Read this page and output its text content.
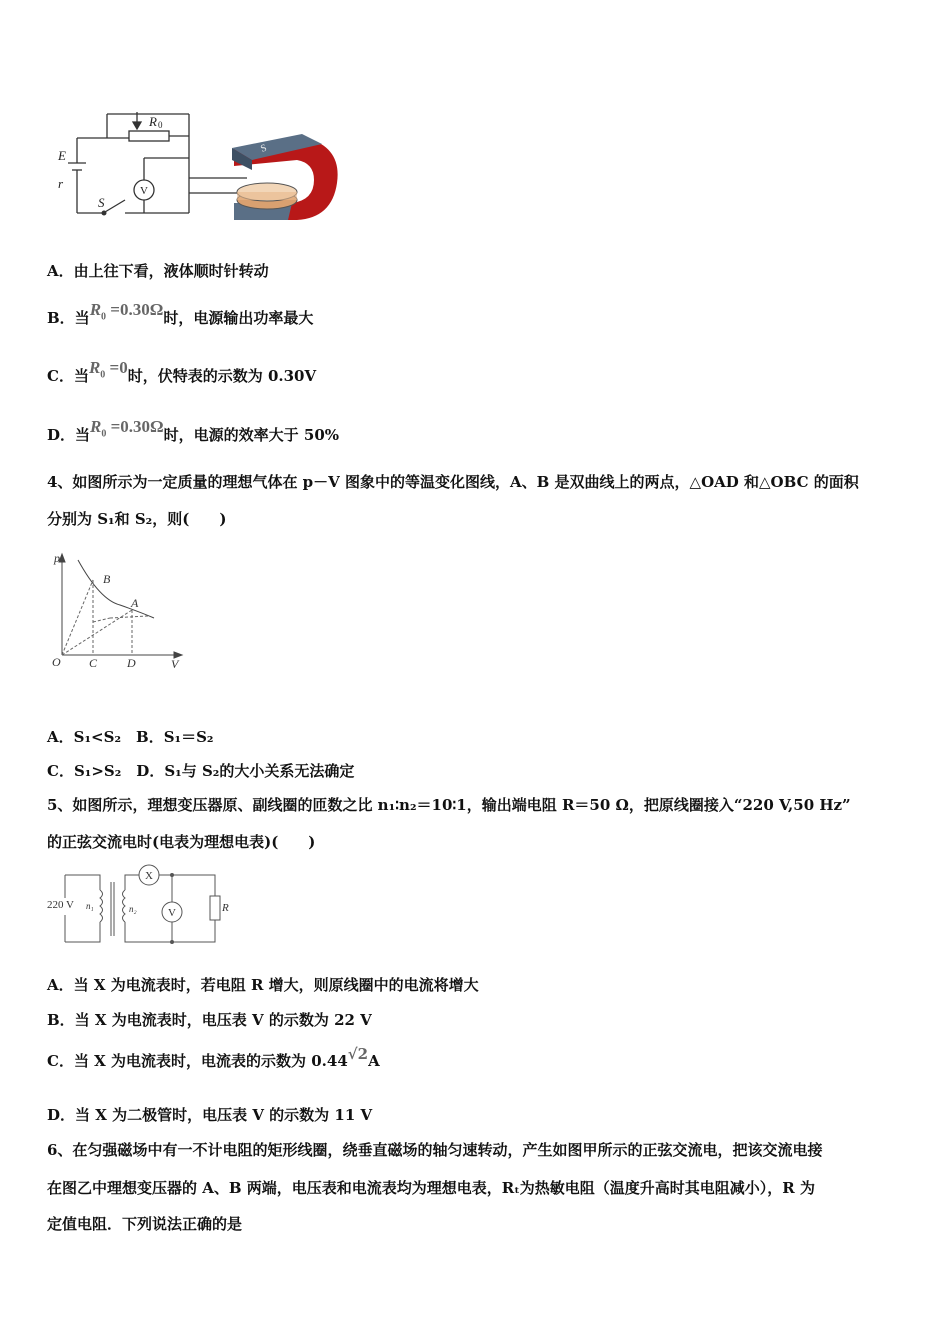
V
R 0
E
r
S
S
A．由上往下看，液体顺时针转动
B．当$R_0 =0.30\Omega$时，电源输出功率最大
C．当$R_0 =0$时，伏特表的示数为 0.30V
D．当$R_0 =0.30\Omega$时，电源的效率大于 50%
4、如图所示为一定质量的理想气体在 p－V 图象中的等温变化图线，A、B 是双曲线上的两点，△OAD 和△OBC 的面积
分别为 S₁和 S₂，则(　　)
p
V
O C D
A
B
A．S₁<S₂　B．S₁＝S₂
C．S₁>S₂　D．S₁与 S₂的大小关系无法确定
5、如图所示，理想变压器原、副线圈的匝数之比 n₁∶n₂＝10∶1，输出端电阻 R＝50 Ω，把原线圈接入“220 V,50 Hz”
的正弦交流电时(电表为理想电表)(　　)
220 V n₁	n₂
X
V	R
A．当 X 为电流表时，若电阻 R 增大，则原线圈中的电流将增大
B．当 X 为电流表时，电压表 V 的示数为 22 V
C．当 X 为电流表时，电流表的示数为 0.44√2A
D．当 X 为二极管时，电压表 V 的示数为 11 V
6、在匀强磁场中有一不计电阻的矩形线圈，绕垂直磁场的轴匀速转动，产生如图甲所示的正弦交流电，把该交流电接
在图乙中理想变压器的 A、B 两端，电压表和电流表均为理想电表，Rₜ为热敏电阻（温度升高时其电阻减小），R 为
定值电阻．下列说法正确的是
